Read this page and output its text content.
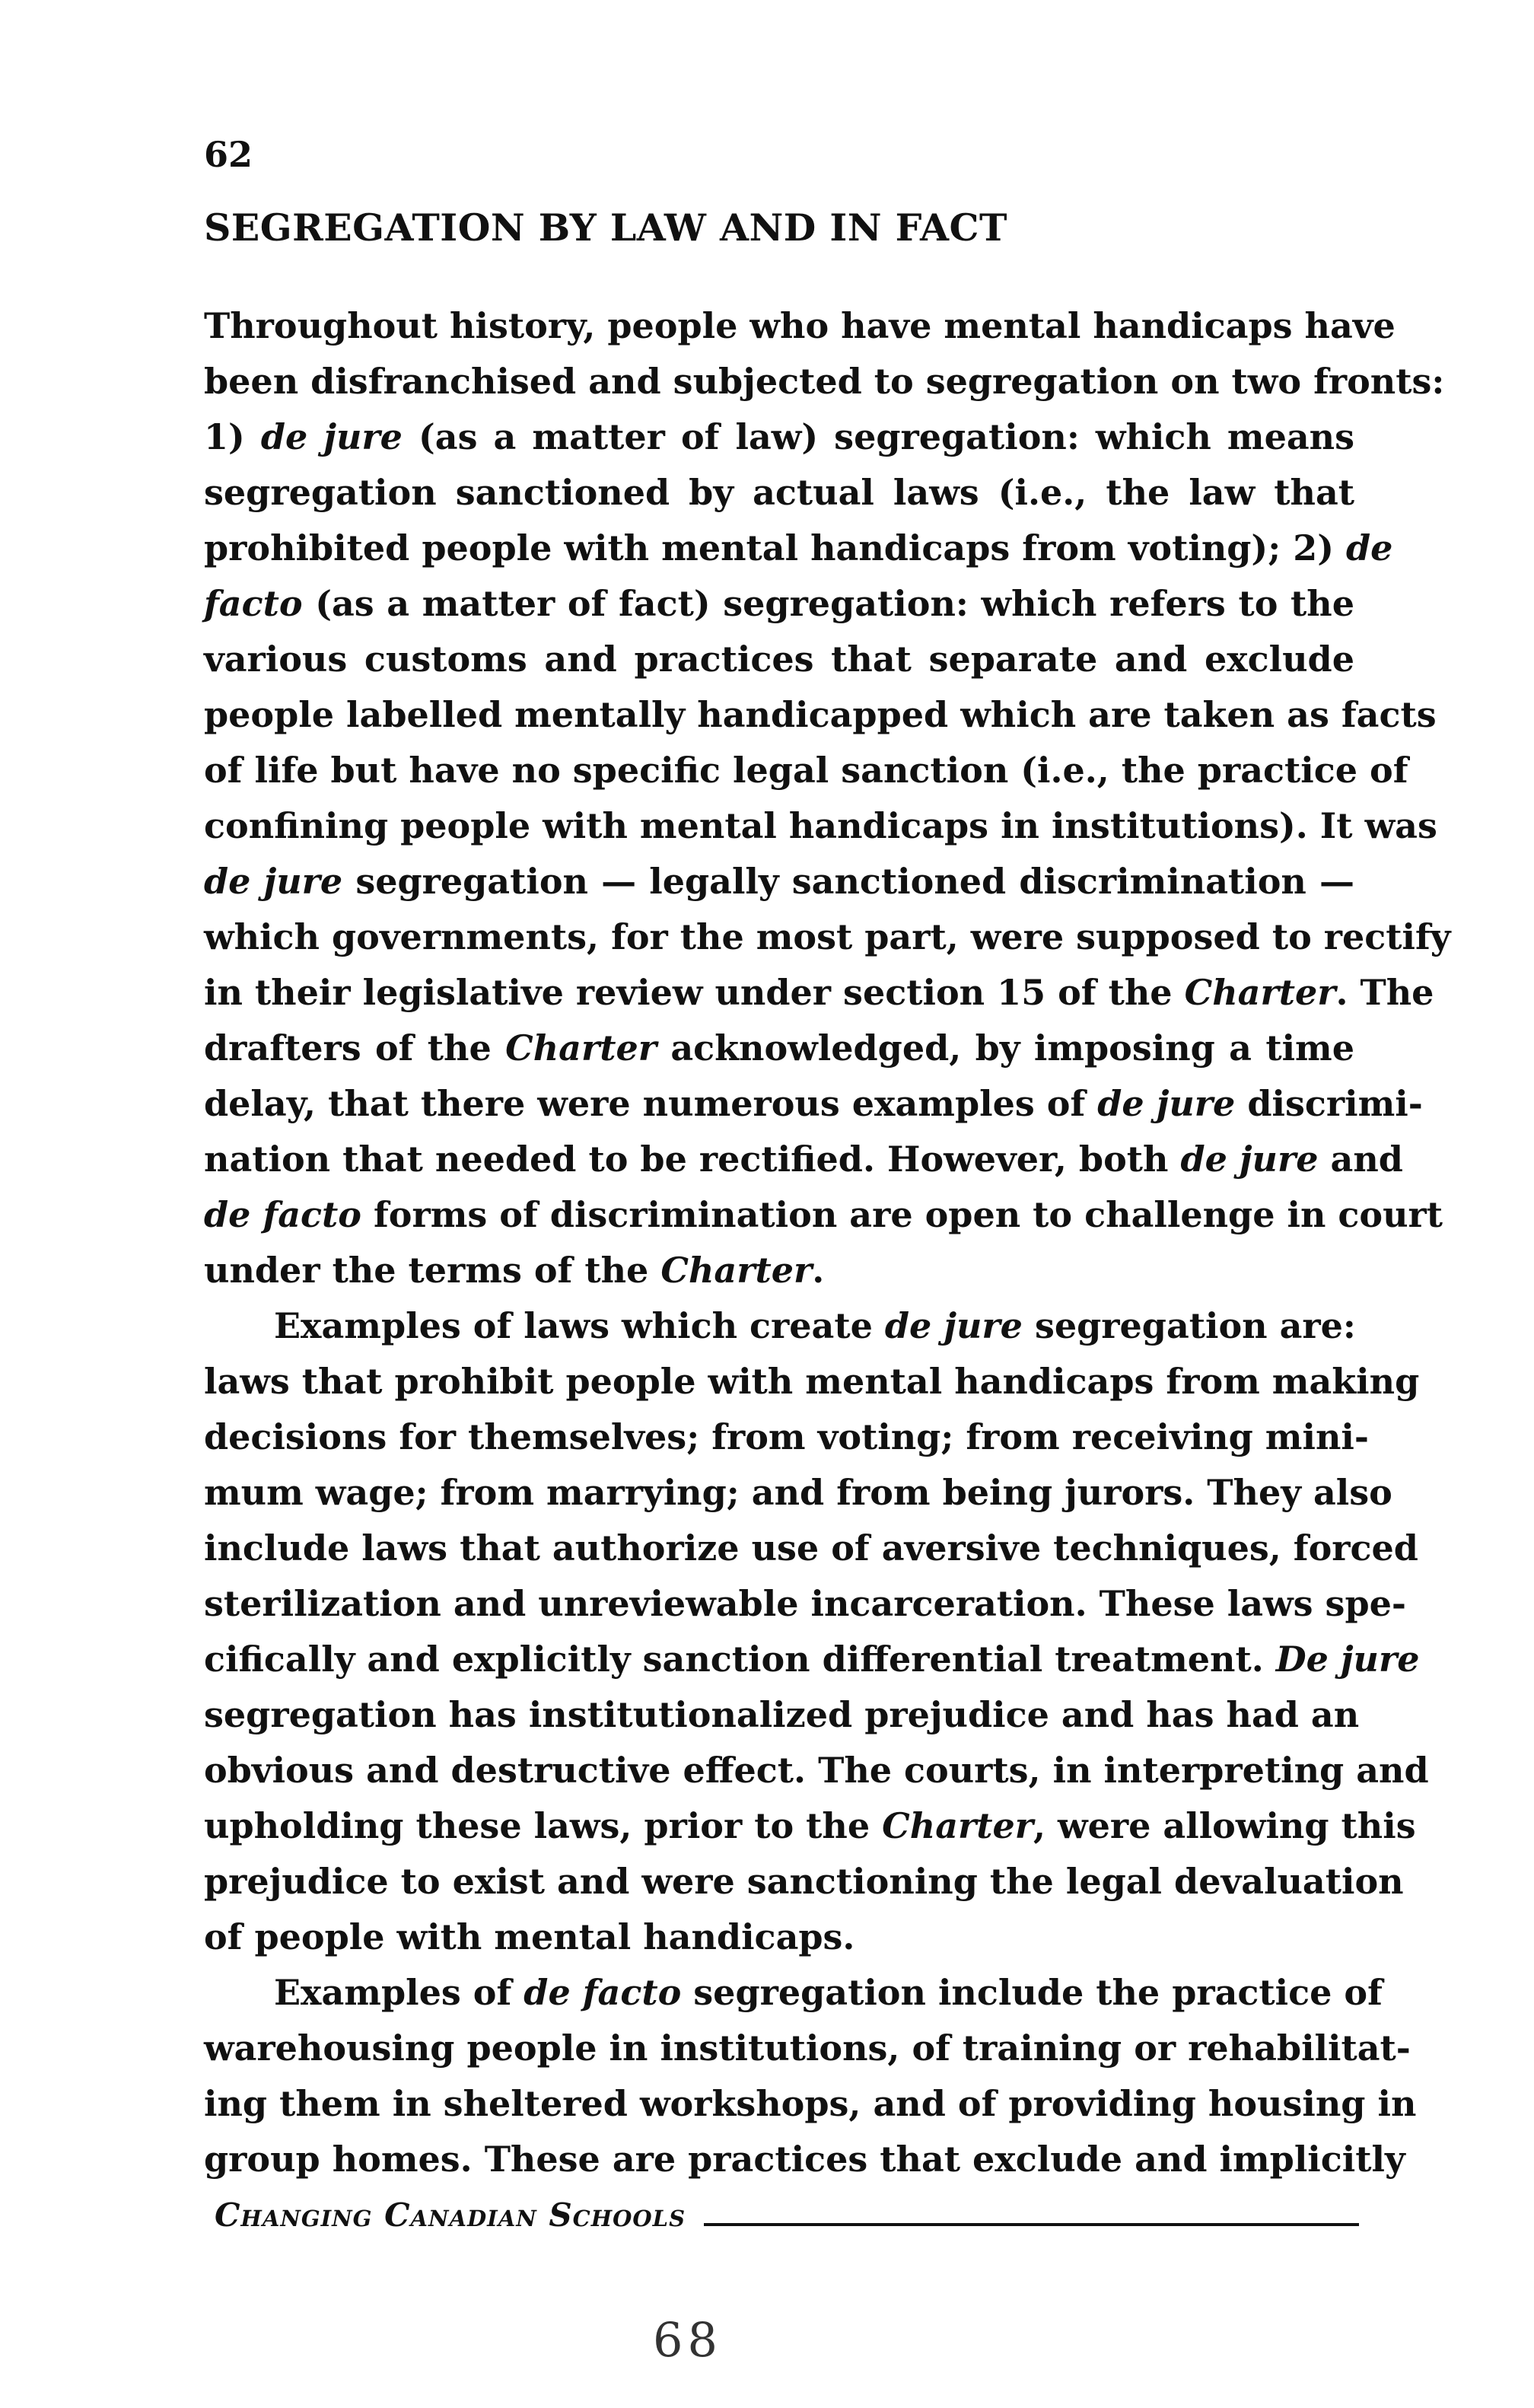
62

SEGREGATION BY LAW AND IN FACT
Throughout history, people who have mental handicaps have
been disfranchised and subjected to segregation on two fronts:
1) de jure (as a matter of law) segregation: which means
segregation sanctioned by actual laws (i.e., the law that
prohibited people with mental handicaps from voting); 2) de
facto (as a matter of fact) segregation: which refers to the
various customs and practices that separate and exclude
people labelled mentally handicapped which are taken as facts
of life but have no specific legal sanction (i.e., the practice of
confining people with mental handicaps in institutions). It was
de jure segregation — legally sanctioned discrimination —
which governments, for the most part, were supposed to rectify
in their legislative review under section 15 of the Charter. The
drafters of the Charter acknowledged, by imposing a time
delay, that there were numerous examples of de jure discrimi-
nation that needed to be rectified. However, both de jure and
de facto forms of discrimination are open to challenge in court
under the terms of the Charter.
Examples of laws which create de jure segregation are:
laws that prohibit people with mental handicaps from making
decisions for themselves; from voting; from receiving mini-
mum wage; from marrying; and from being jurors. They also
include laws that authorize use of aversive techniques, forced
sterilization and unreviewable incarceration. These laws spe-
cifically and explicitly sanction differential treatment. De jure
segregation has institutionalized prejudice and has had an
obvious and destructive effect. The courts, in interpreting and
upholding these laws, prior to the Charter, were allowing this
prejudice to exist and were sanctioning the legal devaluation
of people with mental handicaps.
Examples of de facto segregation include the practice of
warehousing people in institutions, of training or rehabilitat-
ing them in sheltered workshops, and of providing housing in
group homes. These are practices that exclude and implicitly
Changing Canadian Schools

68
